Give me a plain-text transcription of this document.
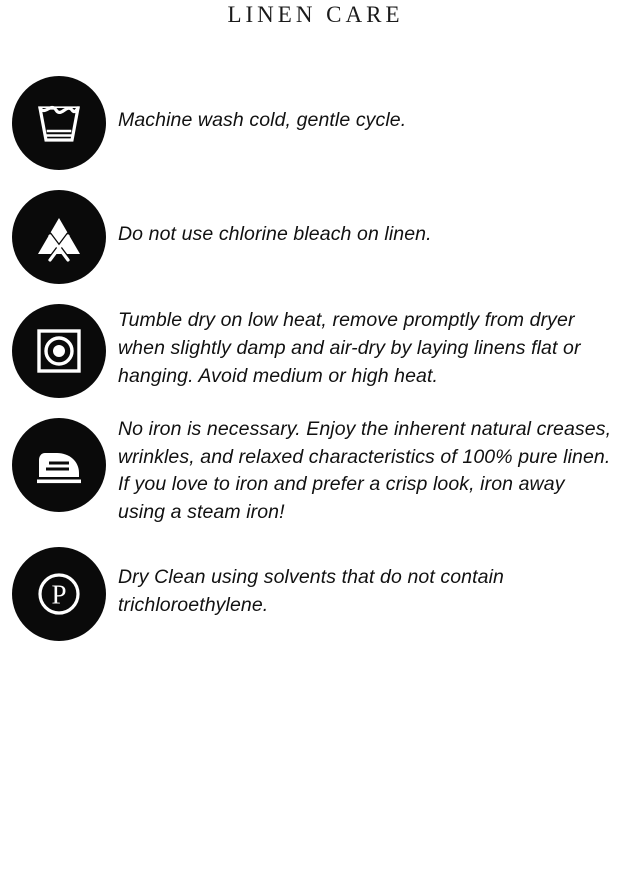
LINEN CARE
Machine wash cold, gentle cycle.
Do not use chlorine bleach on linen.
Tumble dry on low heat, remove promptly from dryer when slightly damp and air-dry by laying linens flat or hanging. Avoid medium or high heat.
No iron is necessary. Enjoy the inherent natural creases, wrinkles, and relaxed characteristics of 100% pure linen. If you love to iron and prefer a crisp look, iron away using a steam iron!
P
Dry Clean using solvents that do not contain trichloroethylene.
